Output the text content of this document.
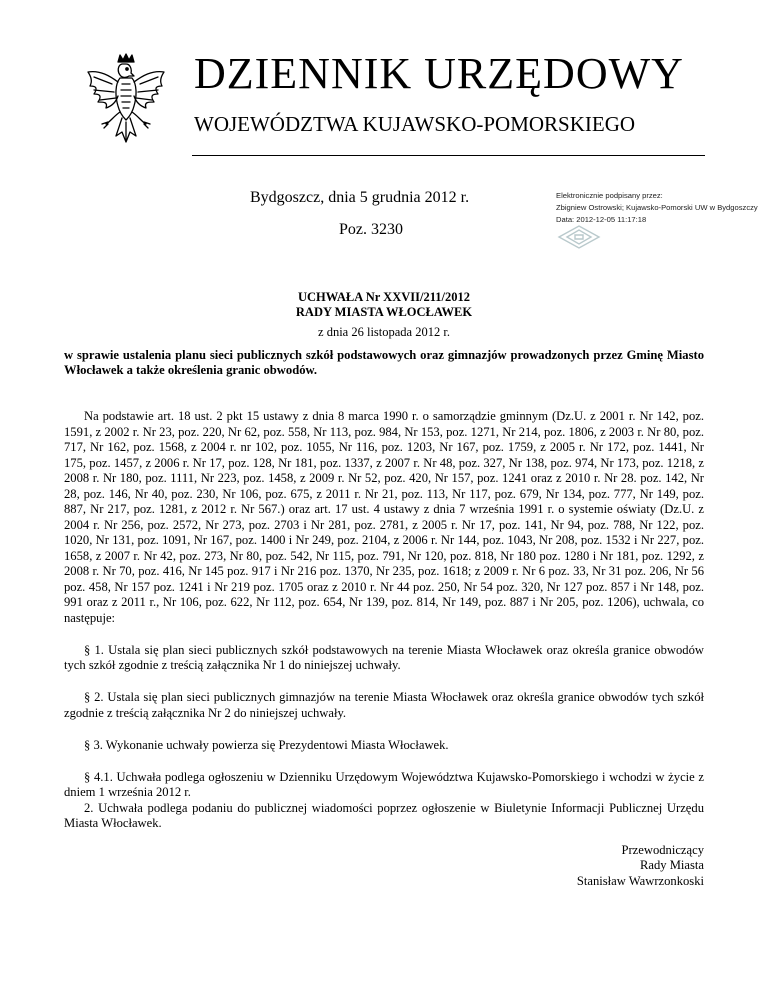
DZIENNIK URZĘDOWY
WOJEWÓDZTWA KUJAWSKO-POMORSKIEGO
Bydgoszcz, dnia 5 grudnia 2012 r.
Poz. 3230
Elektronicznie podpisany przez:
Zbigniew Ostrowski; Kujawsko-Pomorski UW w Bydgoszczy
Data: 2012-12-05 11:17:18
UCHWAŁA Nr XXVII/211/2012
RADY MIASTA WŁOCŁAWEK
z dnia 26 listopada 2012 r.
w sprawie ustalenia planu sieci publicznych szkół podstawowych oraz gimnazjów prowadzonych przez Gminę Miasto Włocławek a także określenia granic obwodów.

Na podstawie art. 18 ust. 2 pkt 15 ustawy z dnia 8 marca 1990 r. o samorządzie gminnym (Dz.U. z 2001 r. Nr 142, poz. 1591, z 2002 r. Nr 23, poz. 220, Nr 62, poz. 558, Nr 113, poz. 984, Nr 153, poz. 1271, Nr 214, poz. 1806, z 2003 r. Nr 80, poz. 717, Nr 162, poz. 1568, z 2004 r. nr 102, poz. 1055, Nr 116, poz. 1203, Nr 167, poz. 1759, z 2005 r. Nr 172, poz. 1441, Nr 175, poz. 1457, z 2006 r. Nr 17, poz. 128, Nr 181, poz. 1337, z 2007 r. Nr 48, poz. 327, Nr 138, poz. 974, Nr 173, poz. 1218, z 2008 r. Nr 180, poz. 1111, Nr 223, poz. 1458, z 2009 r. Nr 52, poz. 420, Nr 157, poz. 1241 oraz z 2010 r. Nr 28. poz. 142, Nr 28, poz. 146, Nr 40, poz. 230, Nr 106, poz. 675, z 2011 r. Nr 21, poz. 113, Nr 117, poz. 679, Nr 134, poz. 777, Nr 149, poz. 887, Nr 217, poz. 1281, z 2012 r. Nr 567.) oraz art. 17 ust. 4 ustawy z dnia 7 września 1991 r. o systemie oświaty (Dz.U. z 2004 r. Nr 256, poz. 2572, Nr 273, poz. 2703 i Nr 281, poz. 2781, z 2005 r. Nr 17, poz. 141, Nr 94, poz. 788, Nr 122, poz. 1020, Nr 131, poz. 1091, Nr 167, poz. 1400 i Nr 249, poz. 2104, z 2006 r. Nr 144, poz. 1043, Nr 208, poz. 1532 i Nr 227, poz. 1658, z 2007 r. Nr 42, poz. 273, Nr 80, poz. 542, Nr 115, poz. 791, Nr 120, poz. 818, Nr 180 poz. 1280 i Nr 181, poz. 1292, z 2008 r. Nr 70, poz. 416, Nr 145 poz. 917 i Nr 216 poz. 1370, Nr 235, poz. 1618; z 2009 r. Nr 6 poz. 33, Nr 31 poz. 206, Nr 56 poz. 458, Nr 157 poz. 1241 i Nr 219 poz. 1705 oraz z 2010 r. Nr 44 poz. 250, Nr 54 poz. 320, Nr 127 poz. 857 i Nr 148, poz. 991 oraz z 2011 r., Nr 106, poz. 622, Nr 112, poz. 654, Nr 139, poz. 814, Nr 149, poz. 887 i Nr 205, poz. 1206), uchwala, co następuje:

§ 1. Ustala się plan sieci publicznych szkół podstawowych na terenie Miasta Włocławek oraz określa granice obwodów tych szkół zgodnie z treścią załącznika Nr 1 do niniejszej uchwały.

§ 2. Ustala się plan sieci publicznych gimnazjów na terenie Miasta Włocławek oraz określa granice obwodów tych szkół zgodnie z treścią załącznika Nr 2 do niniejszej uchwały.

§ 3. Wykonanie uchwały powierza się Prezydentowi Miasta Włocławek.

§ 4.1. Uchwała podlega ogłoszeniu w Dzienniku Urzędowym Województwa Kujawsko-Pomorskiego i wchodzi w życie z dniem 1 września 2012 r.

2. Uchwała podlega podaniu do publicznej wiadomości poprzez ogłoszenie w Biuletynie Informacji Publicznej Urzędu Miasta Włocławek.

Przewodniczący
Rady Miasta
Stanisław Wawrzonkoski
